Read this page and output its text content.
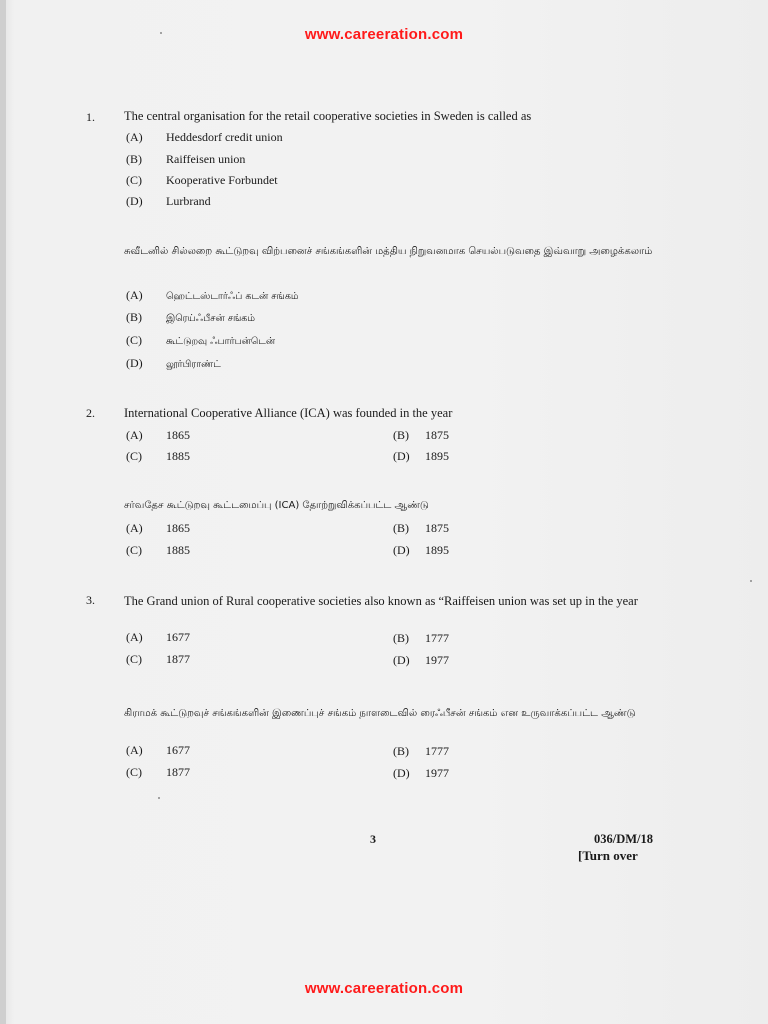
www.careeration.com
1. The central organisation for the retail cooperative societies in Sweden is called as
(A) Heddesdorf credit union
(B) Raiffeisen union
(C) Kooperative Forbundet
(D) Lurbrand
சுவீடனில் சில்லறை கூட்டுறவு விற்பனைச் சங்கங்களின் மத்திய நிறுவனமாக செயல்படுவதை இவ்வாறு அழைக்கலாம்
(A) ஹெட்டஸ்டார்ஃப் கடன் சங்கம்
(B)	இரெய்ஃபீசன் சங்கம்
(C)	கூட்டுறவு ஃபார்பன்டென்
(D) லூர்பிராண்ட்
2. International Cooperative Alliance (ICA) was founded in the year
(A) 1865	(B) 1875
(C) 1885	(D) 1895
சர்வதேச கூட்டுறவு கூட்டமைப்பு (ICA) தோற்றுவிக்கப்பட்ட ஆண்டு
(A) 1865	(B) 1875
(C) 1885	(D) 1895
3. The Grand union of Rural cooperative societies also known as “Raiffeisen union was set up in the year
(A) 1677	(B) 1777
(C) 1877	(D) 1977
கிராமக் கூட்டுறவுச் சங்கங்களின் இணைப்புச் சங்கம் நாளடைவில் ரைஃபீசன் சங்கம் என உருவாக்கப்பட்ட ஆண்டு
(A) 1677	(B) 1777
(C) 1877	(D) 1977
3	036/DM/18
[Turn over
www.careeration.com
